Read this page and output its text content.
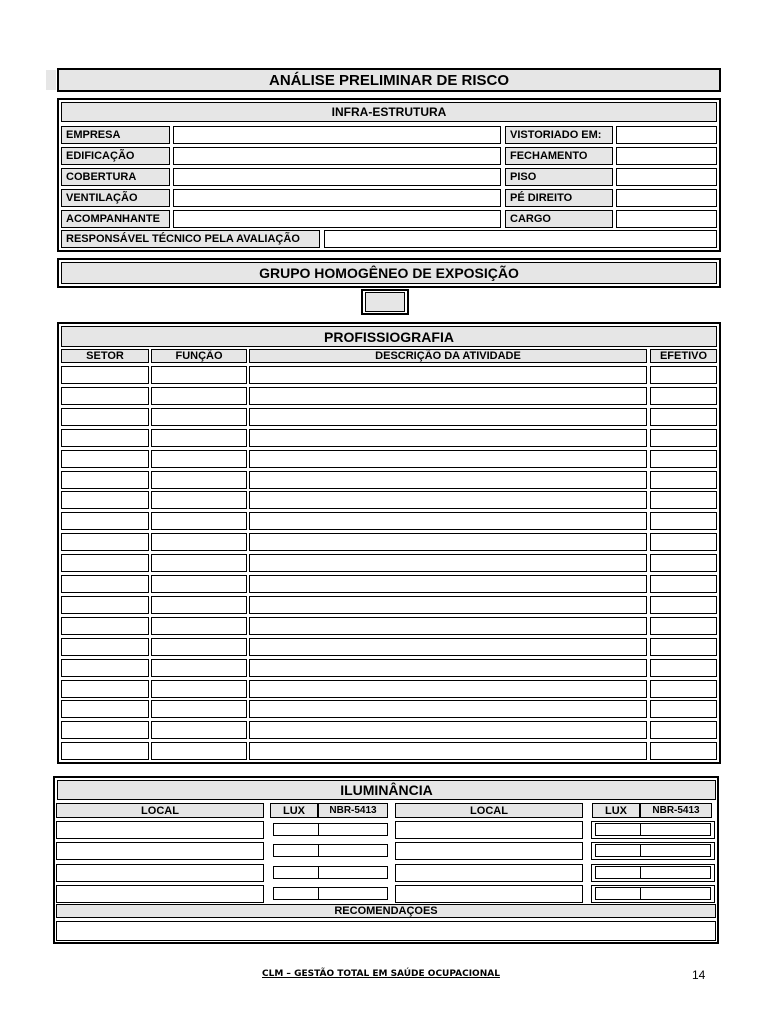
ANÁLISE PRELIMINAR DE RISCO
INFRA-ESTRUTURA
EMPRESA	VISTORIADO EM:
EDIFICAÇÃO	FECHAMENTO
COBERTURA	PISO
VENTILAÇÃO	PÉ DIREITO
ACOMPANHANTE	CARGO
RESPONSÁVEL TÉCNICO PELA AVALIAÇÃO
GRUPO HOMOGÊNEO DE EXPOSIÇÃO
PROFISSIOGRAFIA
SETOR	FUNÇÃO	DESCRIÇÃO DA ATIVIDADE	EFETIVO
ILUMINÂNCIA
LOCAL	LUX	NBR-5413	LOCAL	LUX	NBR-5413
RECOMENDAÇOES
CLM – GESTÃO TOTAL EM SAÚDE OCUPACIONAL	14
